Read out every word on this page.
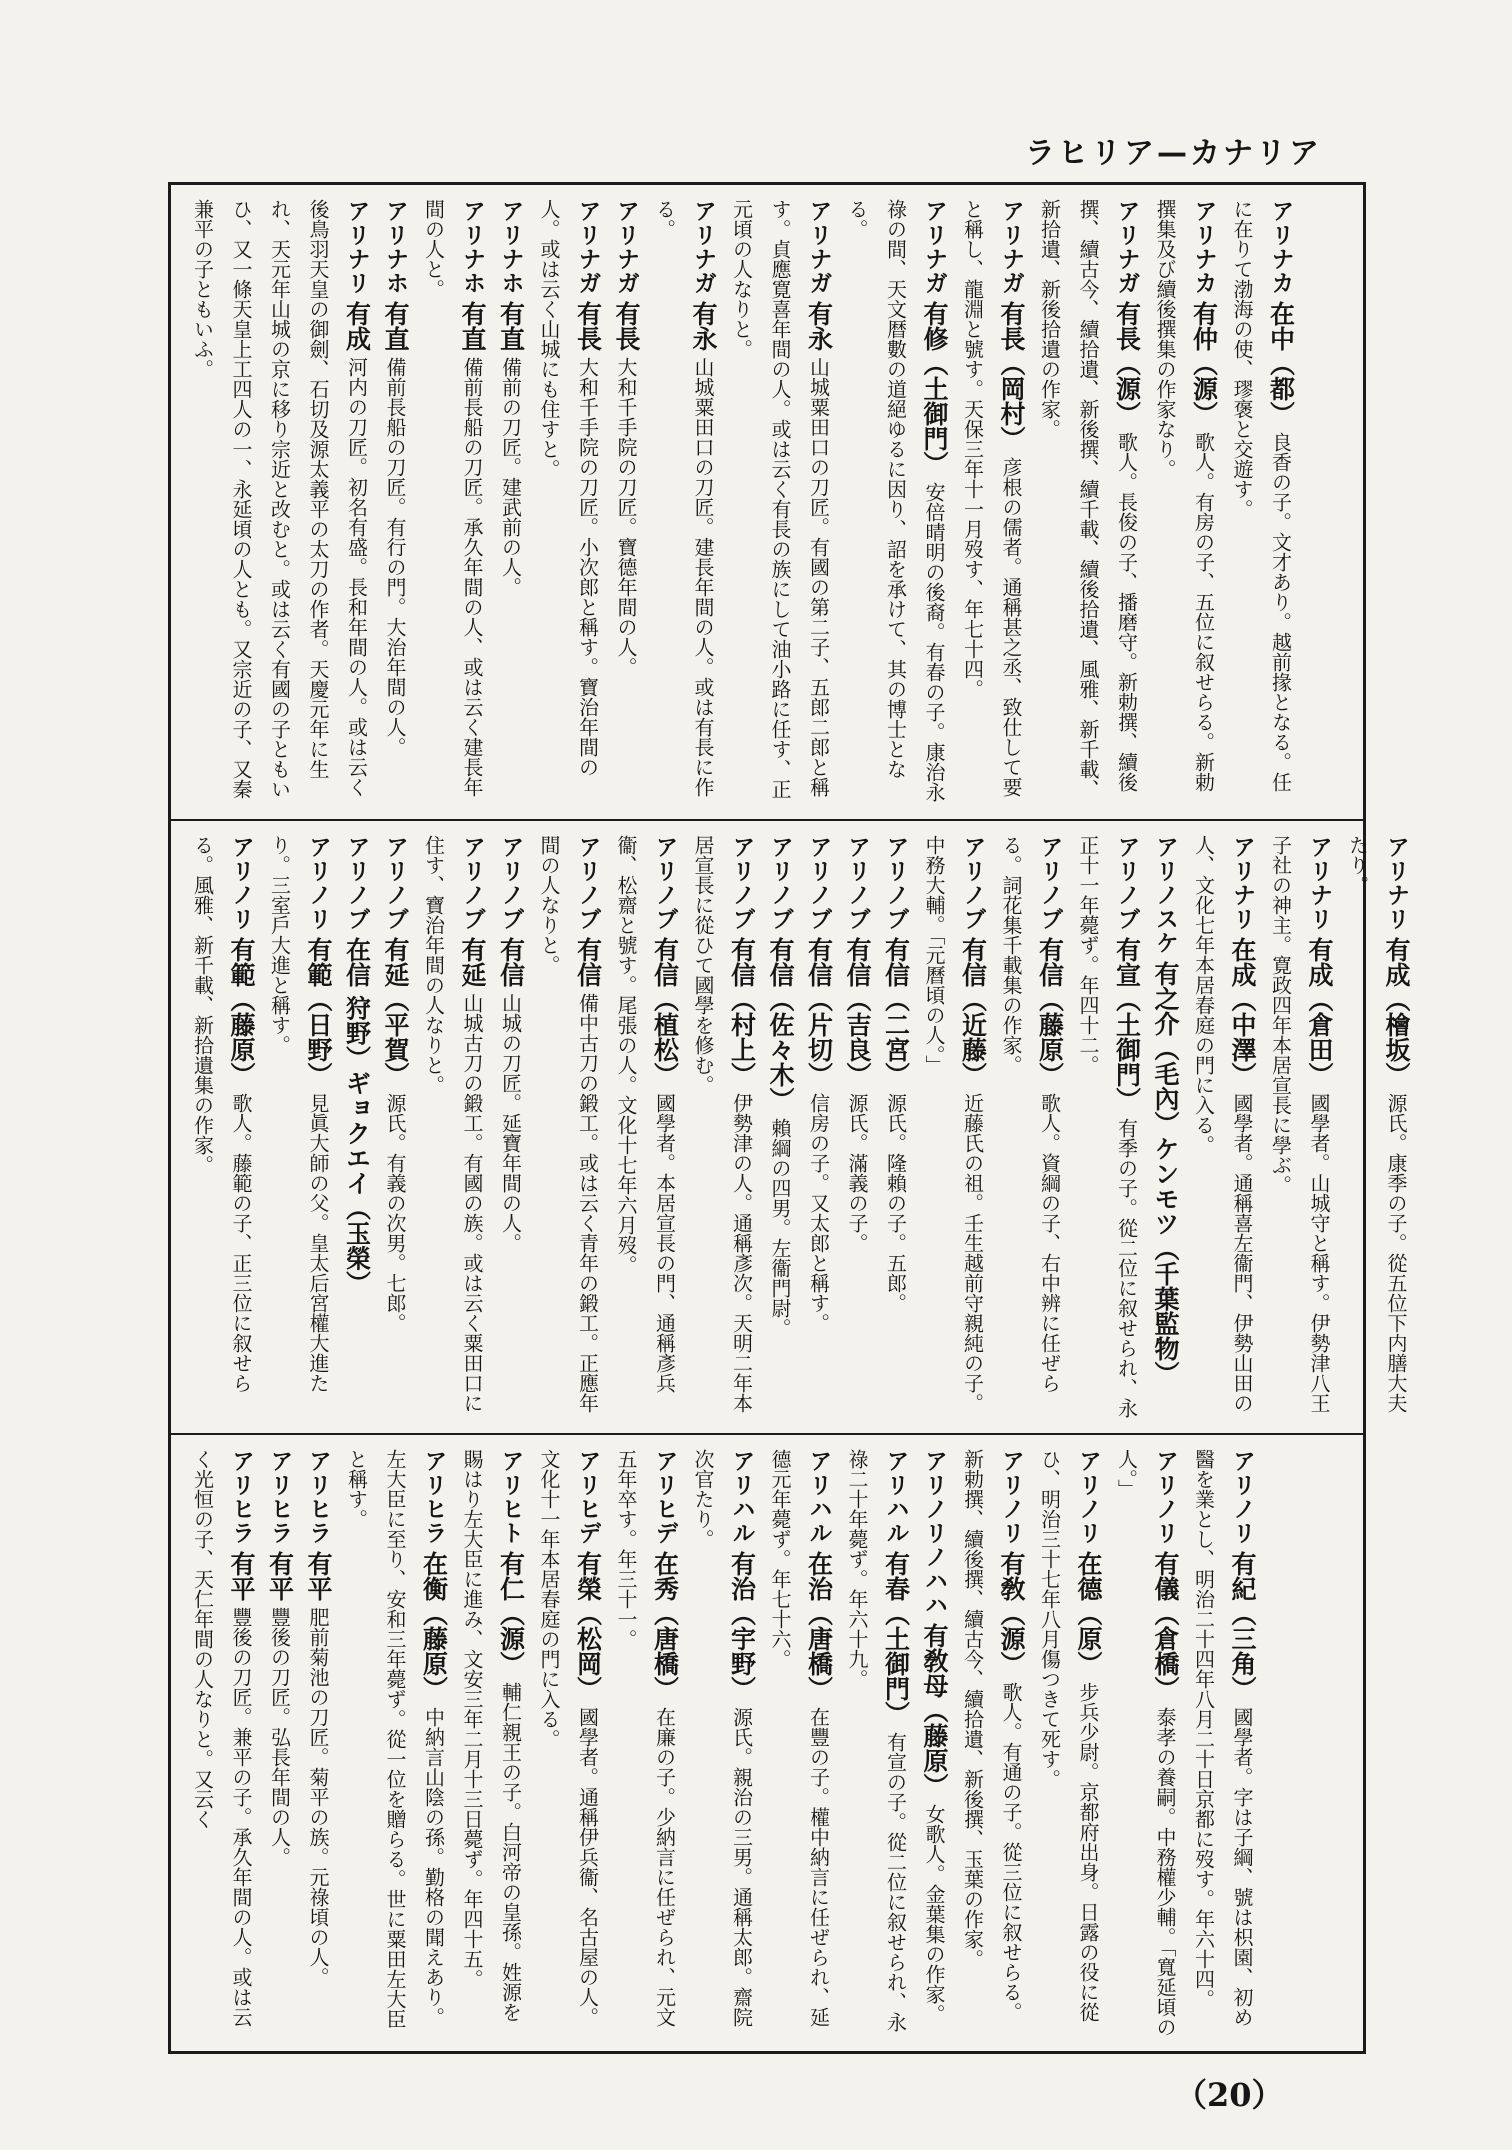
ラヒリア—カナリア

アリナカ在中（都）良香の子。文才あり。越前掾となる。任に在りて渤海の使、璆褒と交遊す。

アリナカ有仲（源）歌人。有房の子、五位に叙せらる。新勅撰集及び續後撰集の作家なり。

アリナガ有長（源）歌人。長俊の子、播磨守。新勅撰、續後撰、續古今、續拾遺、新後撰、續千載、續後拾遺、風雅、新千載、新拾遺、新後拾遺の作家。

アリナガ有長（岡村）彦根の儒者。通稱甚之丞、致仕して要と稱し、龍淵と號す。天保三年十一月歿す、年七十四。

アリナガ有修（土御門）安倍晴明の後裔。有春の子。康治永祿の間、天文暦數の道絕ゆるに因り、詔を承けて、其の博士となる。

アリナガ有永山城粟田口の刀匠。有國の第二子、五郎二郎と稱す。貞應寛喜年間の人。或は云く有長の族にして油小路に任す、正元頃の人なりと。

アリナガ有永山城粟田口の刀匠。建長年間の人。或は有長に作る。

アリナガ有長大和千手院の刀匠。寶德年間の人。

アリナガ有長大和千手院の刀匠。小次郎と稱す。寶治年間の人。或は云く山城にも住すと。

アリナホ有直備前の刀匠。建武前の人。

アリナホ有直備前長船の刀匠。承久年間の人、或は云く建長年間の人と。

アリナホ有直備前長船の刀匠。有行の門。大治年間の人。

アリナリ有成河内の刀匠。初名有盛。長和年間の人。或は云く後鳥羽天皇の御劍、石切及源太義平の太刀の作者。天慶元年に生れ、天元年山城の京に移り宗近と改むと。或は云く有國の子ともいひ、又一條天皇上工四人の一、永延頃の人とも。又宗近の子、又秦兼平の子ともいふ。

アリナリ有成（檜坂）源氏。康季の子。從五位下内膳大夫たり。

アリナリ有成（倉田）國學者。山城守と稱す。伊勢津八王子社の神主。寛政四年本居宣長に學ぶ。

アリナリ在成（中澤）國學者。通稱喜左衞門、伊勢山田の人、文化七年本居春庭の門に入る。

アリノスケ有之介（毛內）ケンモツ（千葉監物）

アリノブ有宣（土御門）有季の子。從二位に叙せられ、永正十一年薨ず。年四十二。

アリノブ有信（藤原）歌人。資綱の子、右中辨に任ぜらる。詞花集千載集の作家。

アリノブ有信（近藤）近藤氏の祖。壬生越前守親純の子。中務大輔。「元曆頃の人。」

アリノブ有信（二宮）源氏。隆賴の子。五郎。

アリノブ有信（吉良）源氏。滿義の子。

アリノブ有信（片切）信房の子。又太郎と稱す。

アリノブ有信（佐々木）賴綱の四男。左衞門尉。

アリノブ有信（村上）伊勢津の人。通稱彥次。天明二年本居宣長に從ひて國學を修む。

アリノブ有信（植松）國學者。本居宣長の門、通稱彥兵衞、松齋と號す。尾張の人。文化十七年六月歿。

アリノブ有信備中古刀の鍛工。或は云く青年の鍛工。正應年間の人なりと。

アリノブ有信山城の刀匠。延寶年間の人。

アリノブ有延山城古刀の鍛工。有國の族。或は云く粟田口に住す、寶治年間の人なりと。

アリノブ有延（平賀）源氏。有義の次男。七郎。

アリノブ在信 狩野）ギョクエイ（玉榮）

アリノリ有範（日野）見眞大師の父。皇太后宮權大進たり。三室戶大進と稱す。

アリノリ有範（藤原）歌人。藤範の子、正三位に叙せらる。風雅、新千載、新拾遺集の作家。

アリノリ有紀（三角）國學者。字は子綱、號は枳園、初め醫を業とし、明治二十四年八月二十日京都に歿す。年六十四。

アリノリ有儀（倉橋）泰孝の養嗣。中務權少輔。「寬延頃の人。」

アリノリ在德（原）步兵少尉。京都府出身。日露の役に從ひ、明治三十七年八月傷つきて死す。

アリノリ有敎（源）歌人。有通の子。從三位に叙せらる。新勅撰、續後撰、續古今、續拾遺、新後撰、玉葉の作家。

アリノリノハハ有敎母（藤原）女歌人。金葉集の作家。

アリハル有春（土御門）有宣の子。從二位に叙せられ、永祿二十年薨ず。年六十九。

アリハル在治（唐橋）在豐の子。權中納言に任ぜられ、延德元年薨ず。年七十六。

アリハル有治（宇野）源氏。親治の三男。通稱太郎。齋院次官たり。

アリヒデ在秀（唐橋）在廉の子。少納言に任ぜられ、元文五年卒す。年三十一。

アリヒデ有榮（松岡）國學者。通稱伊兵衞、名古屋の人。文化十一年本居春庭の門に入る。

アリヒト有仁（源）輔仁親王の子。白河帝の皇孫。姓源を賜はり左大臣に進み、文安三年二月十三日薨ず。年四十五。

アリヒラ在衡（藤原）中納言山陰の孫。勤格の聞えあり。左大臣に至り、安和三年薨ず。從一位を贈らる。世に粟田左大臣と稱す。

アリヒラ有平肥前菊池の刀匠。菊平の族。元祿頃の人。

アリヒラ有平豐後の刀匠。弘長年間の人。

アリヒラ有平豐後の刀匠。兼平の子。承久年間の人。或は云く光恒の子、天仁年間の人なりと。又云く

（20）
